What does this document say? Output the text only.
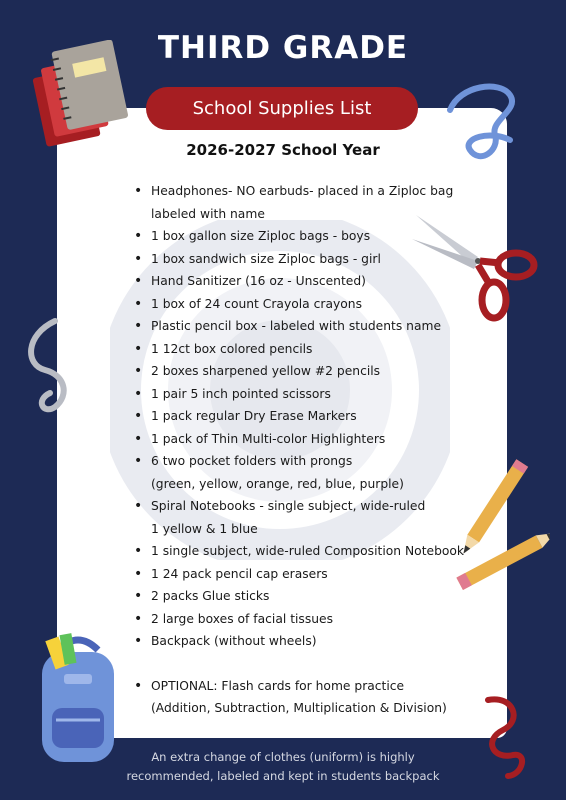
THIRD GRADE
School Supplies List
2026-2027 School Year
• Headphones- NO earbuds- placed in a Ziploc bag
labeled with name
• 1 box gallon size Ziploc bags - boys
• 1 box sandwich size Ziploc bags - girl
• Hand Sanitizer (16 oz - Unscented)
• 1 box of 24 count Crayola crayons
• Plastic pencil box - labeled with students name
• 1 12ct box colored pencils
• 2 boxes sharpened yellow #2 pencils
• 1 pair 5 inch pointed scissors
• 1 pack regular Dry Erase Markers
• 1 pack of Thin Multi-color Highlighters
• 6 two pocket folders with prongs
(green, yellow, orange, red, blue, purple)
• Spiral Notebooks - single subject, wide-ruled
1 yellow & 1 blue
• 1 single subject, wide-ruled Composition Notebook
• 1 24 pack pencil cap erasers
• 2 packs Glue sticks
• 2 large boxes of facial tissues
• Backpack (without wheels)
• OPTIONAL: Flash cards for home practice
(Addition, Subtraction, Multiplication & Division)
An extra change of clothes (uniform) is highly
recommended, labeled and kept in students backpack
